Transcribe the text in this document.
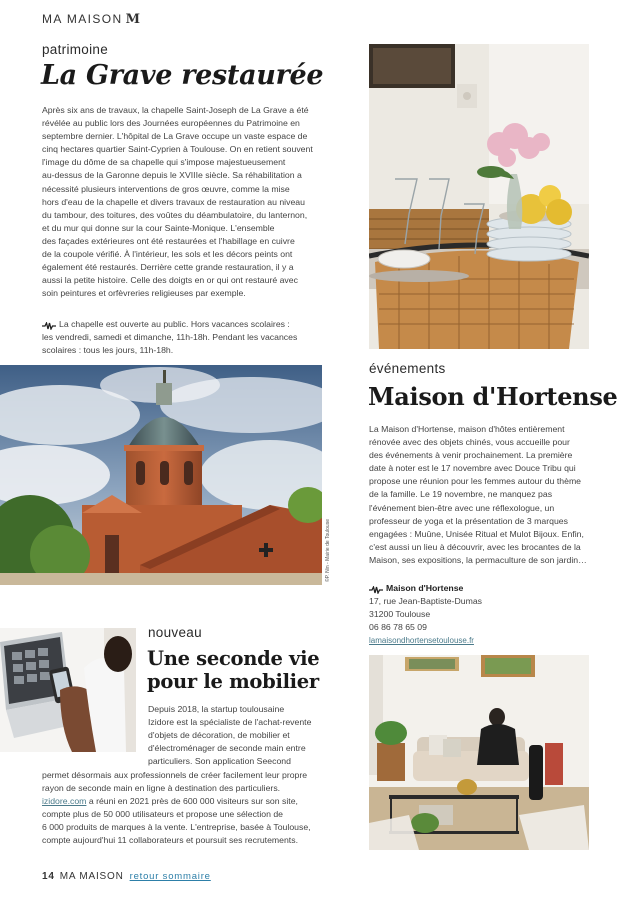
MA MAISON M
patrimoine
La Grave restaurée

Après six ans de travaux, la chapelle Saint-Joseph de La Grave a été

révélée au public lors des Journées européennes du Patrimoine en

septembre dernier. L'hôpital de La Grave occupe un vaste espace de

cinq hectares quartier Saint-Cyprien à Toulouse. On en retient souvent

l'image du dôme de sa chapelle qui s'impose majestueusement

au-dessus de la Garonne depuis le XVIIIe siècle. Sa réhabilitation a

nécessité plusieurs interventions de gros œuvre, comme la mise

hors d'eau de la chapelle et divers travaux de restauration au niveau

du tambour, des toitures, des voûtes du déambulatoire, du lanternon,

et du mur qui donne sur la cour Sainte-Monique. L'ensemble

des façades extérieures ont été restaurées et l'habillage en cuivre

de la coupole vérifié. À l'intérieur, les sols et les décors peints ont

également été restaurés. Derrière cette grande restauration, il y a

aussi la petite histoire. Celle des doigts en or qui ont restauré avec

soin peintures et orfèvreries religieuses par exemple.

La chapelle est ouverte au public. Hors vacances scolaires :

les vendredi, samedi et dimanche, 11h-18h. Pendant les vacances

scolaires : tous les jours, 11h-18h.

©P. Nin - Mairie de Toulouse
événements
Maison d'Hortense

La Maison d'Hortense, maison d'hôtes entièrement

rénovée avec des objets chinés, vous accueille pour

des événements à venir prochainement. La première

date à noter est le 17 novembre avec Douce Tribu qui

propose une réunion pour les femmes autour du thème

de la famille. Le 19 novembre, ne manquez pas

l'événement bien-être avec une réflexologue, un

professeur de yoga et la présentation de 3 marques

engagées : Muûne, Unisée Ritual et Mulot Bijoux. Enfin,

c'est aussi un lieu à découvrir, avec les brocantes de la

Maison, ses expositions, la permaculture de son jardin…

Maison d'Hortense
17, rue Jean-Baptiste-Dumas
31200 Toulouse
06 86 78 65 09
lamaisondhortensetoulouse.fr
nouveau
Une seconde vie
pour le mobilier

Depuis 2018, la startup toulousaine

Izidore est la spécialiste de l'achat-revente

d'objets de décoration, de mobilier et

d'électroménager de seconde main entre

particuliers. Son application Seecond

permet désormais aux professionnels de créer facilement leur propre

rayon de seconde main en ligne à destination des particuliers.

izidore.com a réuni en 2021 près de 600 000 visiteurs sur son site,

compte plus de 50 000 utilisateurs et propose une sélection de

6 000 produits de marques à la vente. L'entreprise, basée à Toulouse,

compte aujourd'hui 11 collaborateurs et poursuit ses recrutements.

14 MA MAISON retour sommaire
